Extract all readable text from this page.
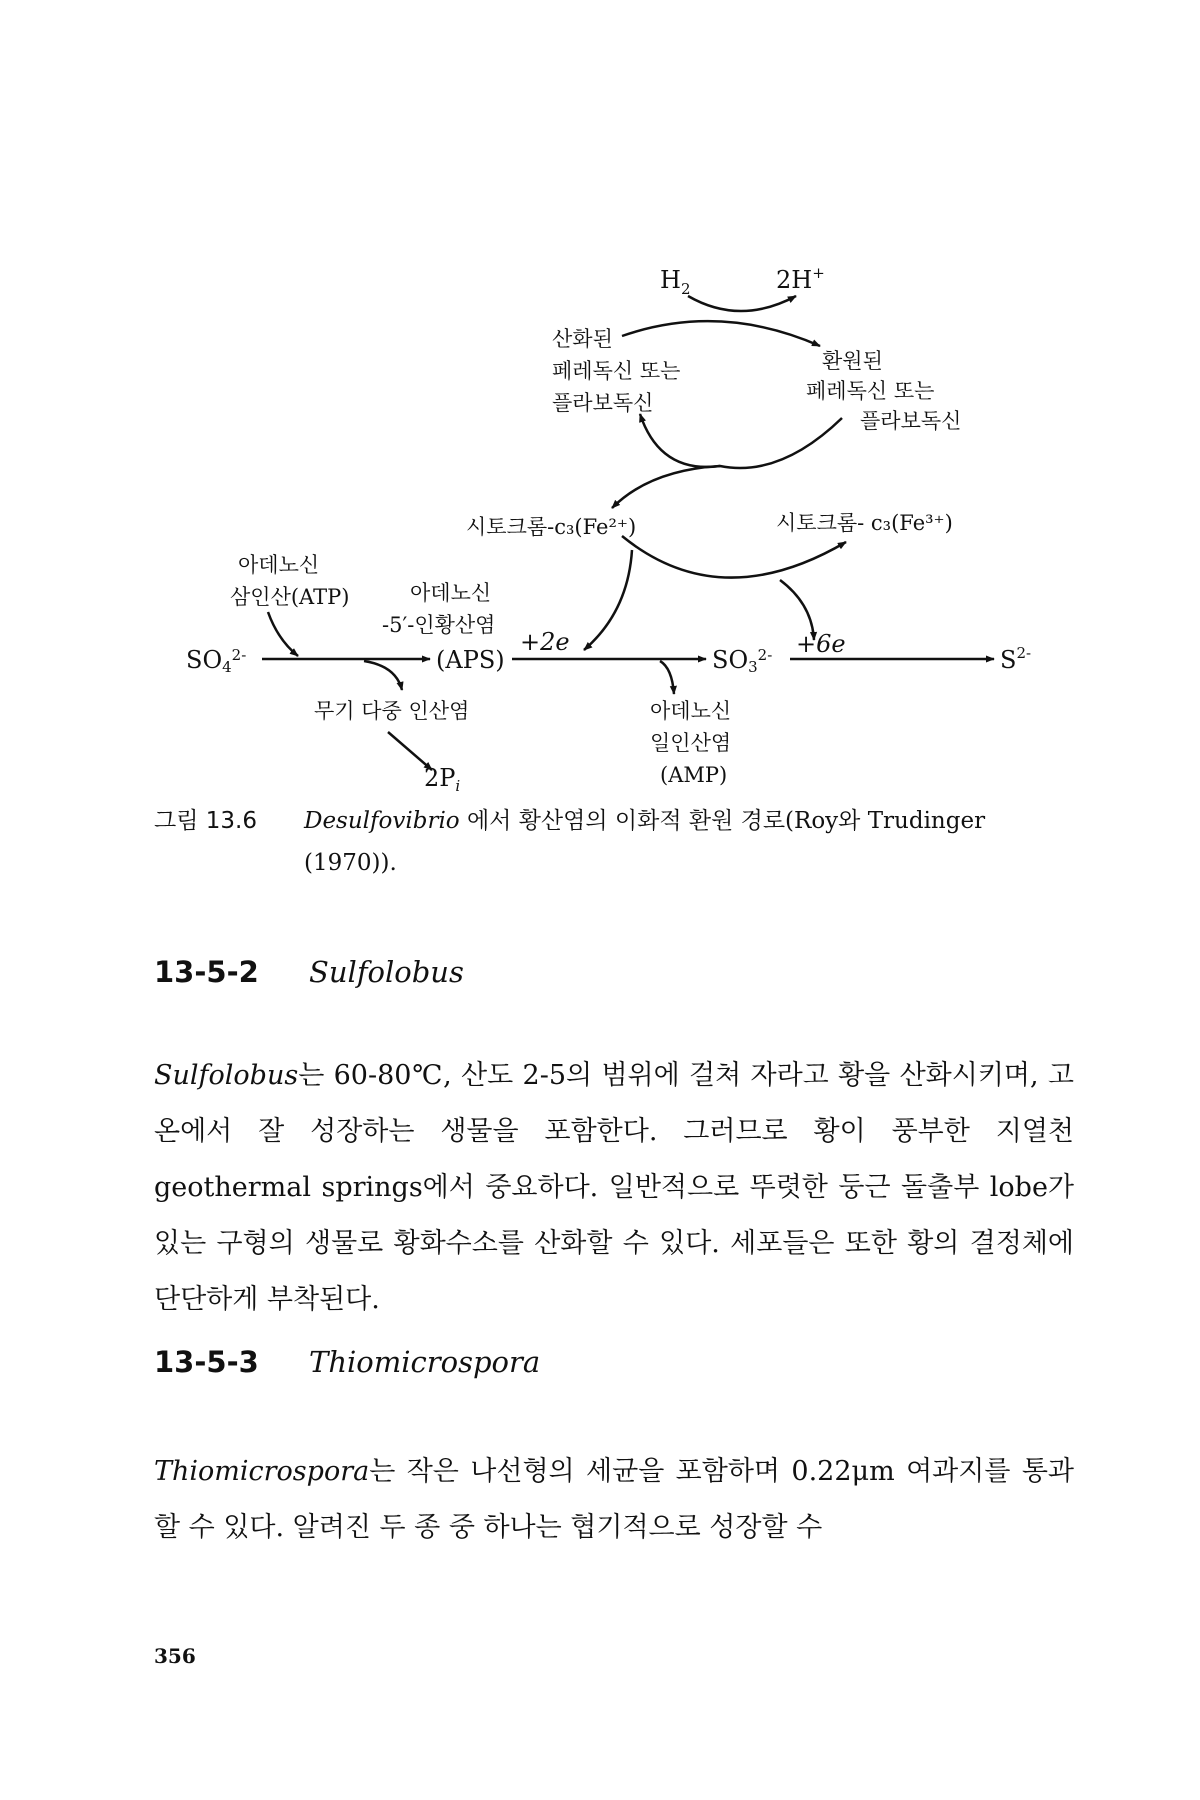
$H_2$	2H+
산화된
페레독신 또는
플라보독신
환원된
페레독신 또는
플라보독신
시토크롬-c₃(Fe²⁺)	시토크롬- c₃(Fe³⁺)
아데노신
삼인산(ATP)	아데노신
-5′-인황산염
$SO4^{2-}$	(APS)
+2e
$SO3^{2-} +6e$
$S^{2-}$
무기 다중 인산염
$2P_i$
아데노신
일인산염
(AMP)
그림 13.6 Desulfovibrio 에서 황산염의 이화적 환원 경로(Roy와 Trudinger
(1970)).
13-5-2 Sulfolobus
Sulfolobus는 60-80℃, 산도 2-5의 범위에 걸쳐 자라고 황을 산화시키며, 고온에서 잘 성장하는 생물을 포함한다. 그러므로 황이 풍부한 지열천 geothermal springs에서 중요하다. 일반적으로 뚜렷한 둥근 돌출부 lobe가 있는 구형의 생물로 황화수소를 산화할 수 있다. 세포들은 또한 황의 결정체에 단단하게 부착된다.
13-5-3 Thiomicrospora
Thiomicrospora는 작은 나선형의 세균을 포함하며 0.22μm 여과지를 통과할 수 있다. 알려진 두 종 중 하나는 협기적으로 성장할 수
356
